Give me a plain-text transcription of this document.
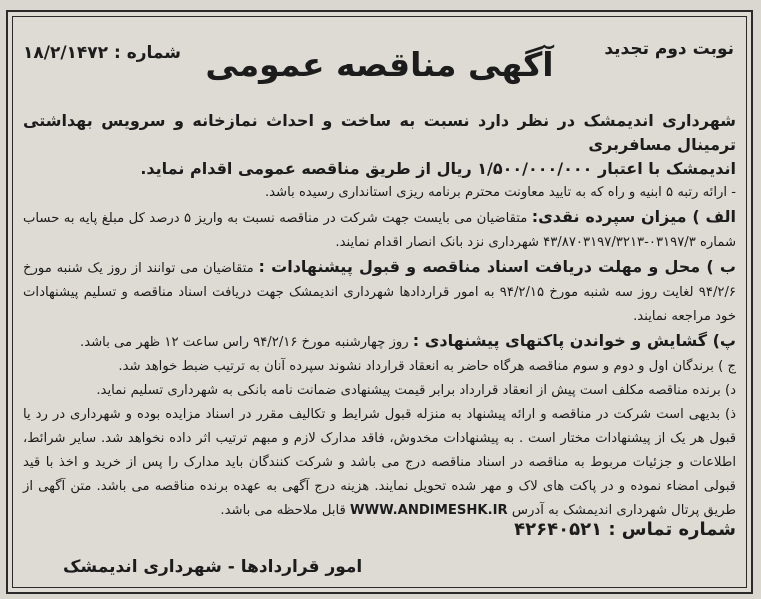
نوبت دوم تجدید
آگهی مناقصه عمومی
شماره : ۱۸/۲/۱۴۷۲

شهرداری اندیمشک در نظر دارد نسبت به ساخت و احداث نمازخانه و سرویس بهداشتی ترمینال مسافربری

اندیمشک با اعتبار ۱/۵۰۰/۰۰۰/۰۰۰ ریال از طریق مناقصه عمومی اقدام نماید.

- ارائه رتبه ۵ ابنیه و راه که به تایید معاونت محترم برنامه ریزی استانداری رسیده باشد.

الف ) میزان سپرده نقدی: متقاضیان می بایست جهت شرکت در مناقصه نسبت به واریز ۵ درصد کل مبلغ پایه به حساب شماره ۰۳۱۹۷/۳-۴۳/۸۷۰۳۱۹۷/۳۲۱۳ شهرداری نزد بانک انصار اقدام نمایند.

ب ) محل و مهلت دریافت اسناد مناقصه و قبول پیشنهادات : متقاضیان می توانند از روز یک شنبه مورخ ۹۴/۲/۶ لغایت روز سه شنبه مورخ ۹۴/۲/۱۵ به امور قراردادها شهرداری اندیمشک جهت دریافت اسناد مناقصه و تسلیم پیشنهادات خود مراجعه نمایند.

پ) گشایش و خواندن پاکتهای پیشنهادی : روز چهارشنبه مورخ ۹۴/۲/۱۶ راس ساعت ۱۲ ظهر می باشد.

ج ) برندگان اول و دوم و سوم مناقصه هرگاه حاضر به انعقاد قرارداد نشوند سپرده آنان به ترتیب ضبط خواهد شد.

د) برنده مناقصه مکلف است پیش از انعقاد قرارداد برابر قیمت پیشنهادی ضمانت نامه بانکی به شهرداری تسلیم نماید.

ذ) بدیهی است شرکت در مناقصه و ارائه پیشنهاد به منزله قبول شرایط و تکالیف مقرر در اسناد مزایده بوده و شهرداری در رد یا قبول هر یک از پیشنهادات مختار است . به پیشنهادات مخدوش، فاقد مدارک لازم و مبهم ترتیب اثر داده نخواهد شد. سایر شرائط، اطلاعات و جزئیات مربوط به مناقصه در اسناد مناقصه درج می باشد و شرکت کنندگان باید مدارک را پس از خرید و اخذ با قید قبولی امضاء نموده و در پاکت های لاک و مهر شده تحویل نمایند. هزینه درج آگهی به عهده برنده مناقصه می باشد. متن آگهی از طریق پرتال شهرداری اندیمشک به آدرس WWW.ANDIMESHK.IR قابل ملاحظه می باشد.

شماره تماس : ۴۲۶۴۰۵۲۱
امور قراردادها - شهرداری اندیمشک
